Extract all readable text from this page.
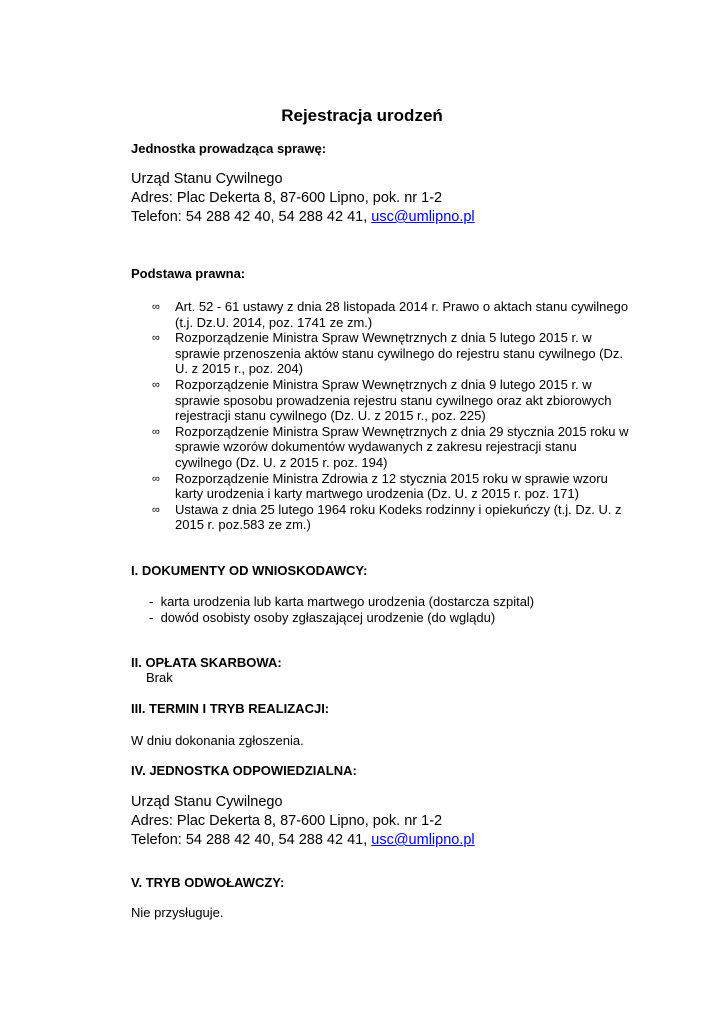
Rejestracja urodzeń
Jednostka prowadząca sprawę:
Urząd Stanu Cywilnego
Adres: Plac Dekerta 8, 87-600 Lipno, pok. nr 1-2
Telefon: 54 288 42 40, 54 288 42 41, usc@umlipno.pl
Podstawa prawna:
∞ Art. 52 - 61 ustawy z dnia 28 listopada 2014 r. Prawo o aktach stanu cywilnego (t.j. Dz.U. 2014, poz. 1741 ze zm.)
∞ Rozporządzenie Ministra Spraw Wewnętrznych z dnia 5 lutego 2015 r. w sprawie przenoszenia aktów stanu cywilnego do rejestru stanu cywilnego (Dz. U. z 2015 r., poz. 204)
∞ Rozporządzenie Ministra Spraw Wewnętrznych z dnia 9 lutego 2015 r. w sprawie sposobu prowadzenia rejestru stanu cywilnego oraz akt zbiorowych rejestracji stanu cywilnego (Dz. U. z 2015 r., poz. 225)
∞ Rozporządzenie Ministra Spraw Wewnętrznych z dnia 29 stycznia 2015 roku w sprawie wzorów dokumentów wydawanych z zakresu rejestracji stanu cywilnego (Dz. U. z 2015 r. poz. 194)
∞ Rozporządzenie Ministra Zdrowia z 12 stycznia 2015 roku w sprawie wzoru karty urodzenia i karty martwego urodzenia (Dz. U. z 2015 r. poz. 171)
∞ Ustawa z dnia 25 lutego 1964 roku Kodeks rodzinny i opiekuńczy (t.j. Dz. U. z 2015 r. poz.583 ze zm.)
I. DOKUMENTY OD WNIOSKODAWCY:
- karta urodzenia lub karta martwego urodzenia (dostarcza szpital)
- dowód osobisty osoby zgłaszającej urodzenie (do wglądu)
II. OPŁATA SKARBOWA:
Brak
III. TERMIN I TRYB REALIZACJI:
W dniu dokonania zgłoszenia.
IV. JEDNOSTKA ODPOWIEDZIALNA:
Urząd Stanu Cywilnego
Adres: Plac Dekerta 8, 87-600 Lipno, pok. nr 1-2
Telefon: 54 288 42 40, 54 288 42 41, usc@umlipno.pl
V. TRYB ODWOŁAWCZY:
Nie przysługuje.
